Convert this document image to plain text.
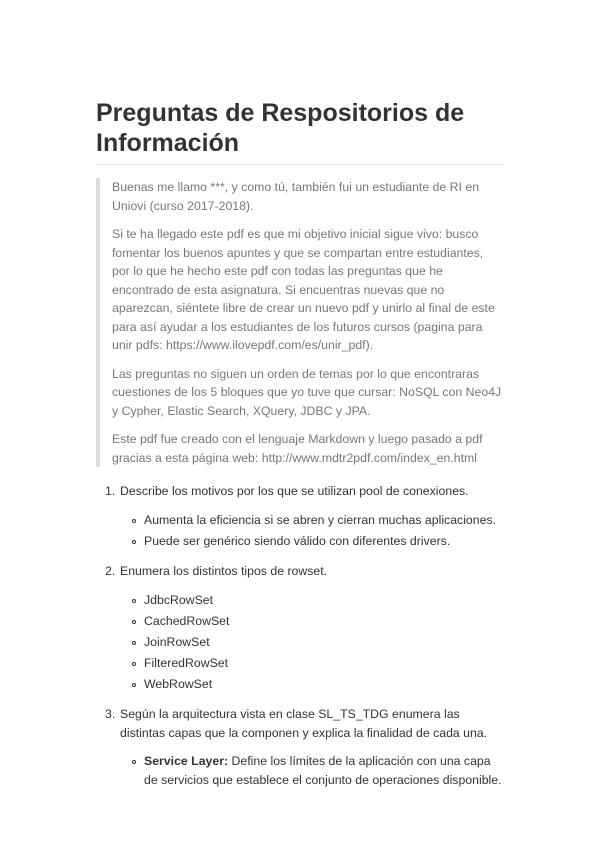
Preguntas de Respositorios de Información

Buenas me llamo ***, y como tú, también fui un estudiante de RI en Uniovi (curso 2017-2018).

Si te ha llegado este pdf es que mi objetivo inicial sigue vivo: busco fomentar los buenos apuntes y que se compartan entre estudiantes, por lo que he hecho este pdf con todas las preguntas que he encontrado de esta asignatura. Si encuentras nuevas que no aparezcan, siéntete libre de crear un nuevo pdf y unirlo al final de este para así ayudar a los estudiantes de los futuros cursos (pagina para unir pdfs: https://www.ilovepdf.com/es/unir_pdf).

Las preguntas no siguen un orden de temas por lo que encontraras cuestiones de los 5 bloques que yo tuve que cursar: NoSQL con Neo4J y Cypher, Elastic Search, XQuery, JDBC y JPA.

Este pdf fue creado con el lenguaje Markdown y luego pasado a pdf gracias a esta página web: http://www.mdtr2pdf.com/index_en.html

1. Describe los motivos por los que se utilizan pool de conexiones.
Aumenta la eficiencia si se abren y cierran muchas aplicaciones.
Puede ser genérico siendo válido con diferentes drivers.
2. Enumera los distintos tipos de rowset.
JdbcRowSet
CachedRowSet
JoinRowSet
FilteredRowSet
WebRowSet
3. Según la arquitectura vista en clase SL_TS_TDG enumera las distintas capas que la componen y explica la finalidad de cada una.
Service Layer: Define los límites de la aplicación con una capa de servicios que establece el conjunto de operaciones disponible.
